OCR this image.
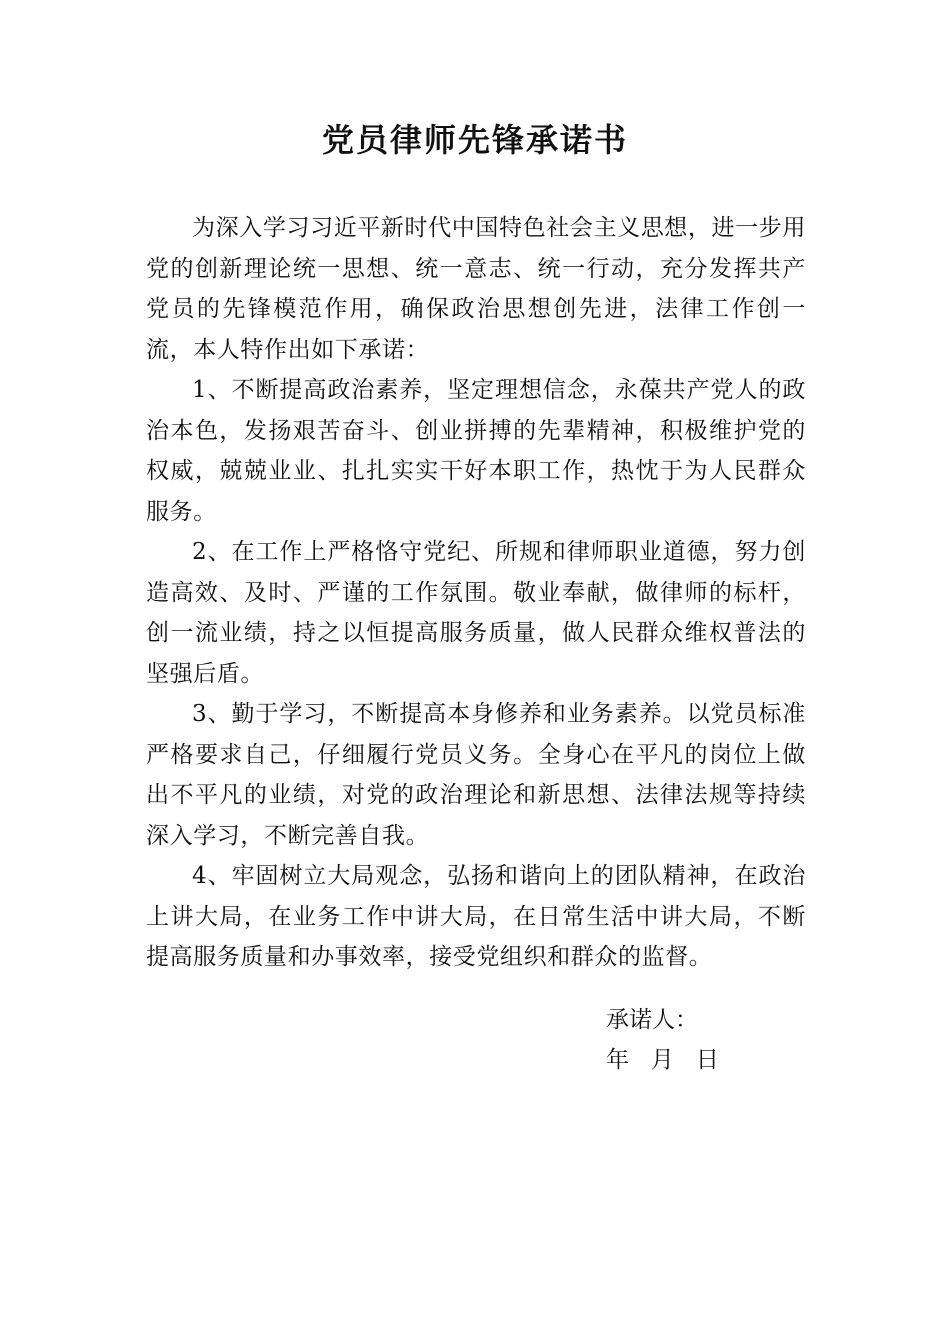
党员律师先锋承诺书

为深入学习习近平新时代中国特色社会主义思想，进一步用党的创新理论统一思想、统一意志、统一行动，充分发挥共产党员的先锋模范作用，确保政治思想创先进，法律工作创一流，本人特作出如下承诺：

1、不断提高政治素养，坚定理想信念，永葆共产党人的政治本色，发扬艰苦奋斗、创业拼搏的先辈精神，积极维护党的权威，兢兢业业、扎扎实实干好本职工作，热忱于为人民群众服务。

2、在工作上严格恪守党纪、所规和律师职业道德，努力创造高效、及时、严谨的工作氛围。敬业奉献，做律师的标杆，创一流业绩，持之以恒提高服务质量，做人民群众维权普法的坚强后盾。

3、勤于学习，不断提高本身修养和业务素养。以党员标准严格要求自己，仔细履行党员义务。全身心在平凡的岗位上做出不平凡的业绩，对党的政治理论和新思想、法律法规等持续深入学习，不断完善自我。

4、牢固树立大局观念，弘扬和谐向上的团队精神，在政治上讲大局，在业务工作中讲大局，在日常生活中讲大局，不断提高服务质量和办事效率，接受党组织和群众的监督。

承诺人：
年   月   日
